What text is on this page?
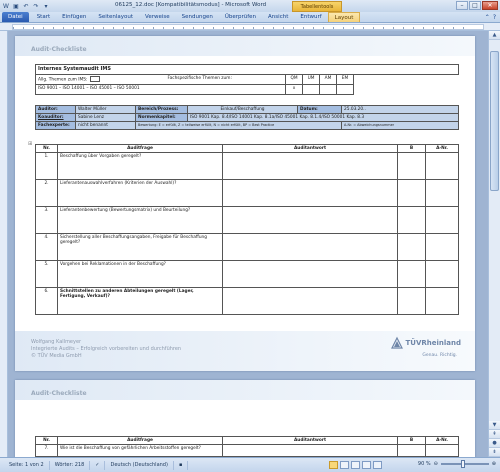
W ▣ ↶ ↷ ▾	06125_12.doc [Kompatibilitätsmodus] - Microsoft Word	Tabellentools	–	□	✕
Datei	Start	Einfügen	Seitenlayout	Verweise	Sendungen	Überprüfen	Ansicht	Entwurf	Layout	⌃ ?
Audit-Checkliste
Internes Systemaudit IMS						
Allg. Themen zum IMS:	Fachspezifische Themen zum:	QM	UM	AM	EM	
ISO 9001 – ISO 14001 – ISO 45001 – ISO 50001		x				
Auditor:	Walter Müller	Bereich/Prozess:	Einkauf/Beschaffung	Datum:	25.03.20..
Koauditor:	Sabine Lenz	Normenkapitel:	ISO 9001 Kap. 8.4/ISO 14001 Kap. 8.1a/ISO 45001 Kap. 8.1.4/ISO 50001 Kap. 8.3		
Fachexperte:	nicht benannt	Bewertung: E = erfüllt, Z = teilweise erfüllt, N = nicht erfüllt, BP = Best Practice			A-Nr. = Abweichungsnummer
⊞
Nr.	Auditfrage	Auditantwort	B	A-Nr.
1.	Beschaffung über Vorgaben geregelt?			
2.	Lieferantenauswahlverfahren (Kriterien der Auswahl)?			
3.	Lieferantenbewertung (Bewertungsmatrix) und Beurteilung?			
4.	Sicherstellung aller Beschaffungsangaben, Freigabe für Beschaffung geregelt?			
5.	Vorgehen bei Reklamationen in der Beschaffung?			
6.	Schnittstellen zu anderen Abteilungen geregelt (Lager, Fertigung, Verkauf)?			
Wolfgang Kallmeyer
Integrierte Audits – Erfolgreich vorbereiten und durchführen
© TÜV Media GmbH
TÜVRheinland
Genau. Richtig.
Audit-Checkliste
Nr.	Auditfrage	Auditantwort	B	A-Nr.
7.	Wie ist die Beschaffung von gefährlichen Arbeitsstoffen geregelt?			

▲
▼
⇞
●
⇟
Seite: 1 von 2	Wörter: 218	✓	Deutsch (Deutschland)	▪	90 % ⊖	⊕
